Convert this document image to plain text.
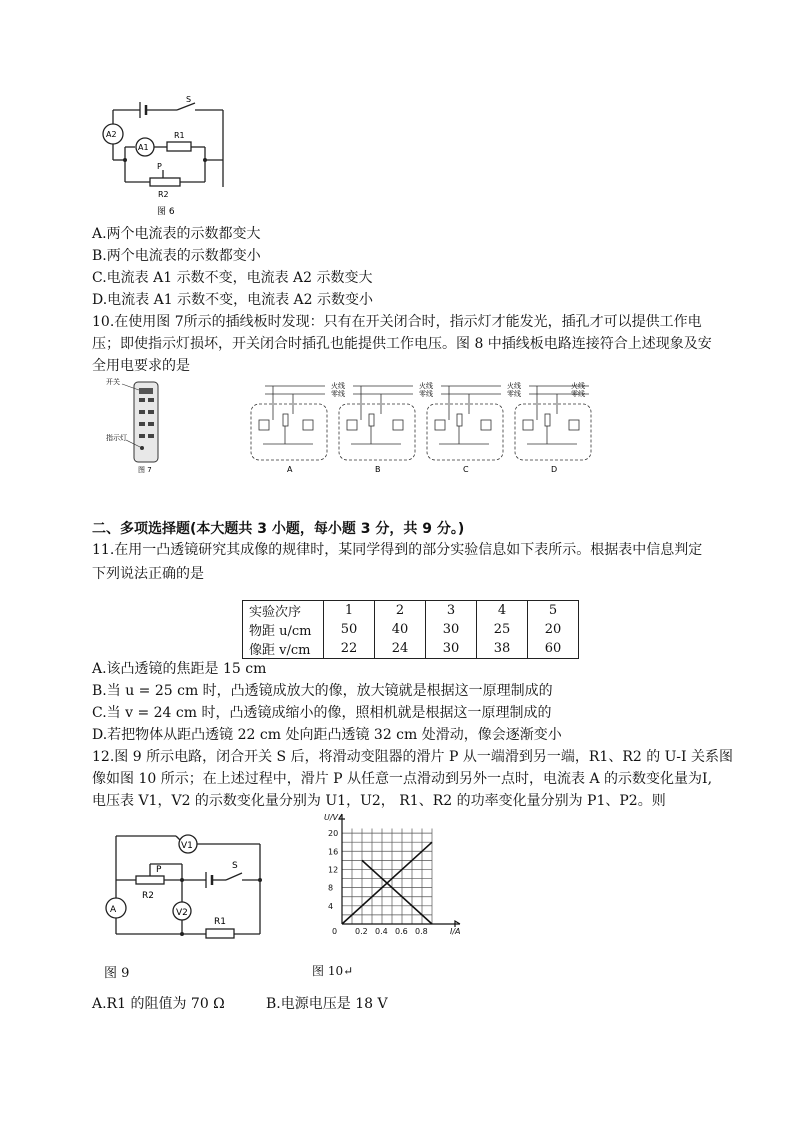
S
A2
A1
R1
P
R2
图 6
A.两个电流表的示数都变大
B.两个电流表的示数都变小
C.电流表 A1 示数不变，电流表 A2 示数变大
D.电流表 A1 示数不变，电流表 A2 示数变小
10.在使用图 7所示的插线板时发现：只有在开关闭合时，指示灯才能发光，插孔才可以提供工作电
压；即使指示灯损坏，开关闭合时插孔也能提供工作电压。图 8 中插线板电路连接符合上述现象及安
全用电要求的是
开关
指示灯
图 7
火线
零线
火线
零线
火线
零线
火线
零线
A	B	C	D
二、多项选择题(本大题共 3 小题，每小题 3 分，共 9 分。)
11.在用一凸透镜研究其成像的规律时，某同学得到的部分实验信息如下表所示。根据表中信息判定
下列说法正确的是
实验次序	1	2	3	4	5
物距 u/cm	50	40	30	25	20
像距 v/cm	22	24	30	38	60
A.该凸透镜的焦距是 15 cm
B.当 u = 25 cm 时，凸透镜成放大的像，放大镜就是根据这一原理制成的
C.当 v = 24 cm 时，凸透镜成缩小的像，照相机就是根据这一原理制成的
D.若把物体从距凸透镜 22 cm 处向距凸透镜 32 cm 处滑动，像会逐渐变小
12.图 9 所示电路，闭合开关 S 后，将滑动变阻器的滑片 P 从一端滑到另一端，R1、R2 的 U-I 关系图
像如图 10 所示；在上述过程中，滑片 P 从任意一点滑动到另外一点时，电流表 A 的示数变化量为I,
电压表 V1，V2 的示数变化量分别为 U1，U2， R1、R2 的功率变化量分别为 P1、P2。则
V1
A
P	S
R2
V2
R1
图 9
4
8
12
16
20
0.2 0.4 0.6 0.8
0
U/V
I/A
图 10↵
A.R1 的阻值为 70 Ω	B.电源电压是 18 V
